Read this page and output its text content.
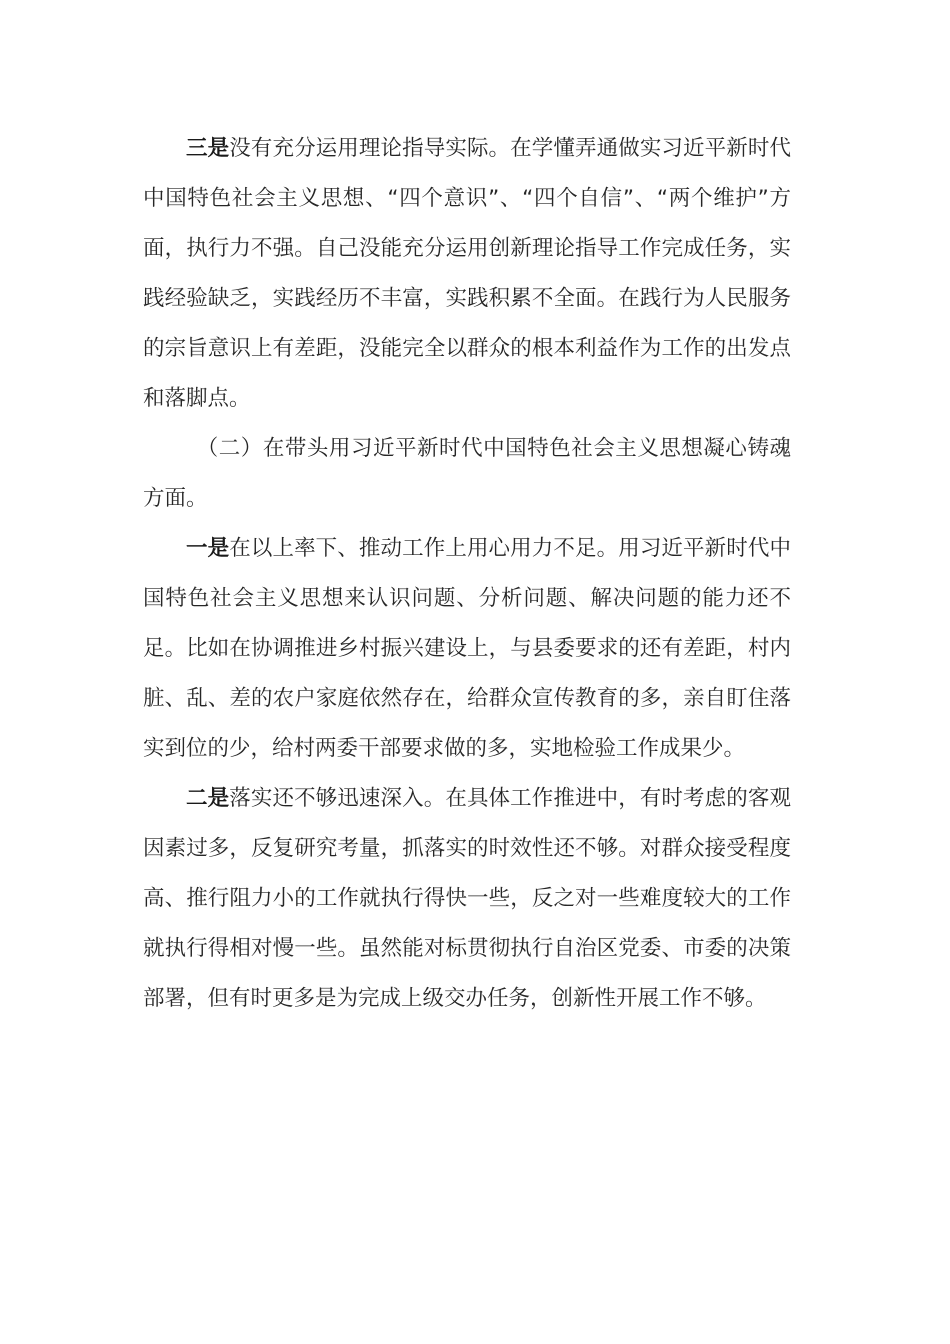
三是没有充分运用理论指导实际。在学懂弄通做实习近平新时代中国特色社会主义思想、“四个意识”、“四个自信”、“两个维护”方面，执行力不强。自己没能充分运用创新理论指导工作完成任务，实践经验缺乏，实践经历不丰富，实践积累不全面。在践行为人民服务的宗旨意识上有差距，没能完全以群众的根本利益作为工作的出发点和落脚点。

（二）在带头用习近平新时代中国特色社会主义思想凝心铸魂方面。

一是在以上率下、推动工作上用心用力不足。用习近平新时代中国特色社会主义思想来认识问题、分析问题、解决问题的能力还不足。比如在协调推进乡村振兴建设上，与县委要求的还有差距，村内脏、乱、差的农户家庭依然存在，给群众宣传教育的多，亲自盯住落实到位的少，给村两委干部要求做的多，实地检验工作成果少。

二是落实还不够迅速深入。在具体工作推进中，有时考虑的客观因素过多，反复研究考量，抓落实的时效性还不够。对群众接受程度高、推行阻力小的工作就执行得快一些，反之对一些难度较大的工作就执行得相对慢一些。虽然能对标贯彻执行自治区党委、市委的决策部署，但有时更多是为完成上级交办任务，创新性开展工作不够。
